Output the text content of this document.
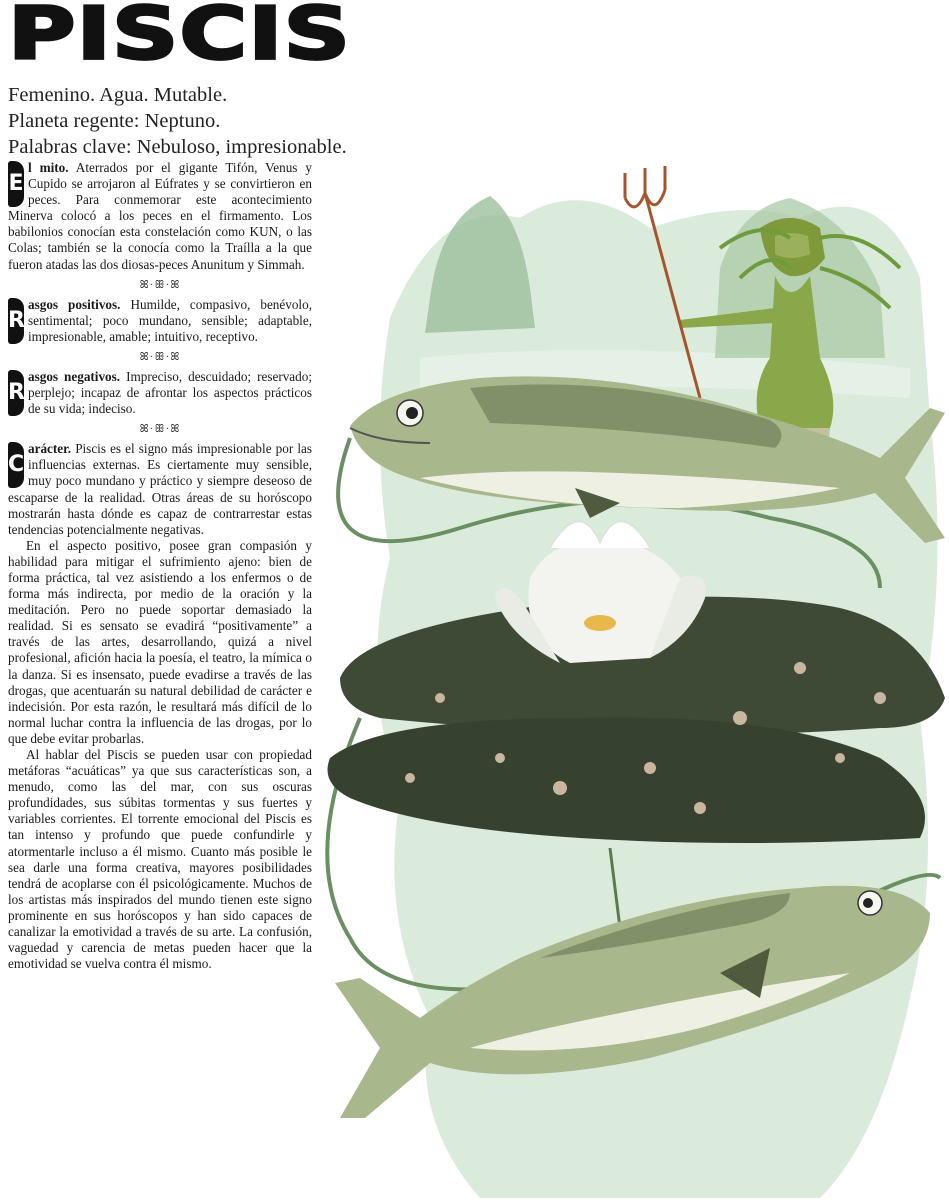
PISCIS
Femenino. Agua. Mutable.
Planeta regente: Neptuno.
Palabras clave: Nebuloso, impresionable.

E
l mito. Aterrados por el gigante Tifón, Venus y Cupido se arrojaron al Eúfrates y se convirtieron en peces. Para conmemorar este acontecimiento Minerva colocó a los peces en el firmamento. Los babilonios conocían esta constelación como KUN, o las Colas; también se la conocía como la Traílla a la que fueron atadas las dos diosas-peces Anunitum y Simmah.

ꕤ·ꕥ·ꕤ

R
asgos positivos. Humilde, compasivo, benévolo, sentimental; poco mundano, sensible; adaptable, impresionable, amable; intuitivo, receptivo.

ꕤ·ꕥ·ꕤ

R
asgos negativos. Impreciso, descuidado; reservado; perplejo; incapaz de afrontar los aspectos prácticos de su vida; indeciso.

ꕤ·ꕥ·ꕤ

C
arácter. Piscis es el signo más impresionable por las influencias externas. Es ciertamente muy sensible, muy poco mundano y práctico y siempre deseoso de escaparse de la realidad. Otras áreas de su horóscopo mostrarán hasta dónde es capaz de contrarrestar estas tendencias potencialmente negativas.

En el aspecto positivo, posee gran compasión y habilidad para mitigar el sufrimiento ajeno: bien de forma práctica, tal vez asistiendo a los enfermos o de forma más indirecta, por medio de la oración y la meditación. Pero no puede soportar demasiado la realidad. Si es sensato se evadirá “positivamente” a través de las artes, desarrollando, quizá a nivel profesional, afición hacia la poesía, el teatro, la mímica o la danza. Si es insensato, puede evadirse a través de las drogas, que acentuarán su natural debilidad de carácter e indecisión. Por esta razón, le resultará más difícil de lo normal luchar contra la influencia de las drogas, por lo que debe evitar probarlas.

Al hablar del Piscis se pueden usar con propiedad metáforas “acuáticas” ya que sus características son, a menudo, como las del mar, con sus oscuras profundidades, sus súbitas tormentas y sus fuertes y variables corrientes. El torrente emocional del Piscis es tan intenso y profundo que puede confundirle y atormentarle incluso a él mismo. Cuanto más posible le sea darle una forma creativa, mayores posibilidades tendrá de acoplarse con él psicológicamente. Muchos de los artistas más inspirados del mundo tienen este signo prominente en sus horóscopos y han sido capaces de canalizar la emotividad a través de su arte. La confusión, vaguedad y carencia de metas pueden hacer que la emotividad se vuelva contra él mismo.
